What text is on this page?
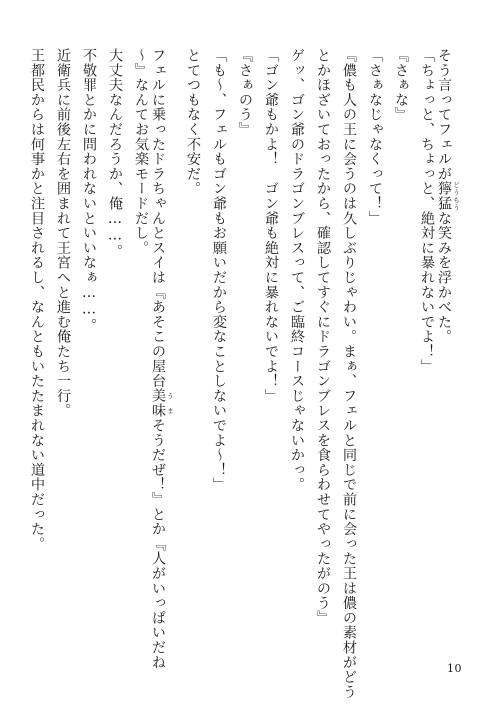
そう言ってフェルが獰猛 どうもうな笑みを浮かべた。
「ちょっと、ちょっと、絶対に暴れないでよ！」
『さぁな』
「さぁなじゃなくって！」
『儂も人の王に会うのは久しぶりじゃわい。まぁ、フェルと同じで前に会った王は儂の素材がどう
とかほざいておったから、確認してすぐにドラゴンブレスを食らわせてやったがのう』
ゲッ、ゴン爺のドラゴンブレスって、ご臨終コースじゃないかっ。
「ゴン爺もかよ！　ゴン爺も絶対に暴れないでよ！」
『さぁのう』
「も〜、フェルもゴン爺もお願いだから変なことしないでよ〜！」
とてつもなく不安だ。
フェルに乗ったドラちゃんとスイは『あそこの屋台美味 うまそうだぜ！』とか『人がいっぱいだね
〜』なんてお気楽モードだし。
大丈夫なんだろうか、俺……。
不敬罪とかに問われないといいなぁ……。
近衛兵に前後左右を囲まれて王宮へと進む俺たち一行。
王都民からは何事かと注目されるし、なんともいたたまれない道中だった。
10
